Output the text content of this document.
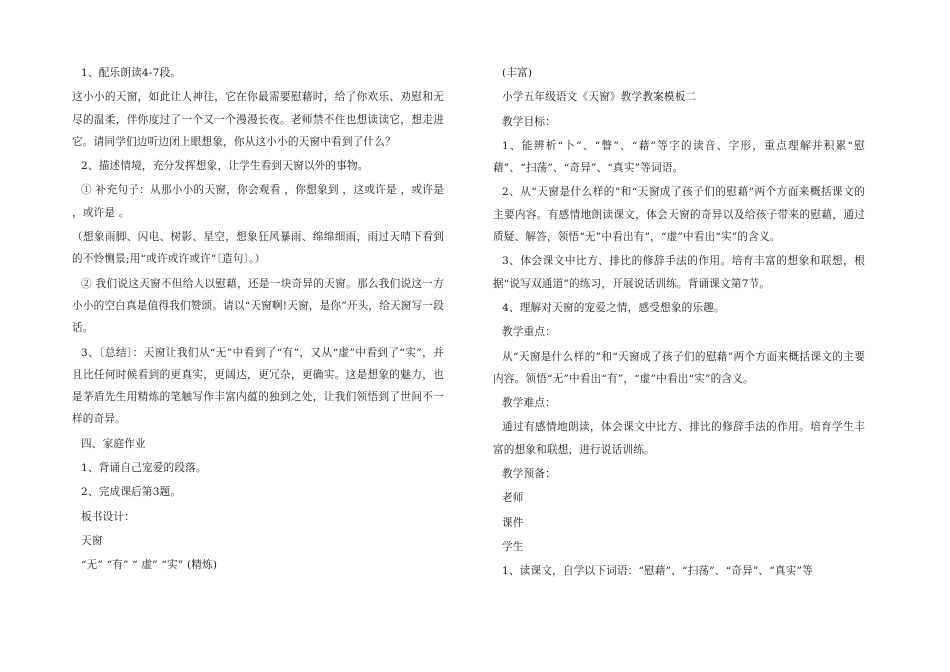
1、配乐朗读4-7段。

这小小的天窗，如此让人神往，它在你最需要慰藉时，给了你欢乐、劝慰和无尽的温柔，伴你度过了一个又一个漫漫长夜。老师禁不住也想读读它，想走进它。请同学们边听边闭上眼想象，你从这小小的天窗中看到了什么？

2、描述情境，充分发挥想象，让学生看到天窗以外的事物。

① 补充句子：从那小小的天窗，你会观看 ，你想象到 ，这或许是 ，或许是 ，或许是 。

（想象雨脚、闪电、树影、星空，想象狂风暴雨、绵绵细雨，雨过天晴下看到的不怜恻景;用“或许或许或许”〔造句〕。）

② 我们说这天窗不但给人以慰藉，还是一块奇异的天窗。那么我们说这一方小小的空白真是值得我们赞颂。请以“天窗啊!天窗，是你”开头，给天窗写一段话。

3、〔总结〕：天窗让我们从“无”中看到了“有”，又从“虚”中看到了“实”，并且比任何时候看到的更真实，更阔达，更冗杂，更确实。这是想象的魅力，也是茅盾先生用精炼的笔触写作丰富内蕴的独到之处，让我们领悟到了世间不一样的奇异。

四、家庭作业

1、背诵自己宠爱的段落。

2、完成课后第3题。

板书设计：

天窗

“无” “有” “ 虚” “实” (精炼)

(丰富)

小学五年级语文《天窗》教学教案模板二

教学目标：

1、能辨析“卜”、“瞥”、“藉”等字的读音、字形，重点理解并积累“慰藉”、“扫荡”、“奇异”、“真实”等词语。

2、从“天窗是什么样的”和“天窗成了孩子们的慰藉”两个方面来概括课文的主要内容。有感情地朗读课文，体会天窗的奇异以及给孩子带来的慰藉，通过质疑、解答，领悟“无”中看出有”，“虚”中看出“实”的含义。

3、体会课文中比方、排比的修辞手法的作用。培育丰富的想象和联想，根据“说写双通道”的练习，开展说话训练。背诵课文第7节。

4、理解对天窗的宠爱之情，感受想象的乐趣。

教学重点：

从“天窗是什么样的”和“天窗成了孩子们的慰藉”两个方面来概括课文的主要内容。领悟“无”中看出“有”，“虚”中看出“实”的含义。

教学难点：

通过有感情地朗读，体会课文中比方、排比的修辞手法的作用。培育学生丰富的想象和联想，进行说话训练。

教学预备：

老师

课件

学生

1、读课文，自学以下词语：“慰藉”、“扫荡”、“奇异”、“真实”等
